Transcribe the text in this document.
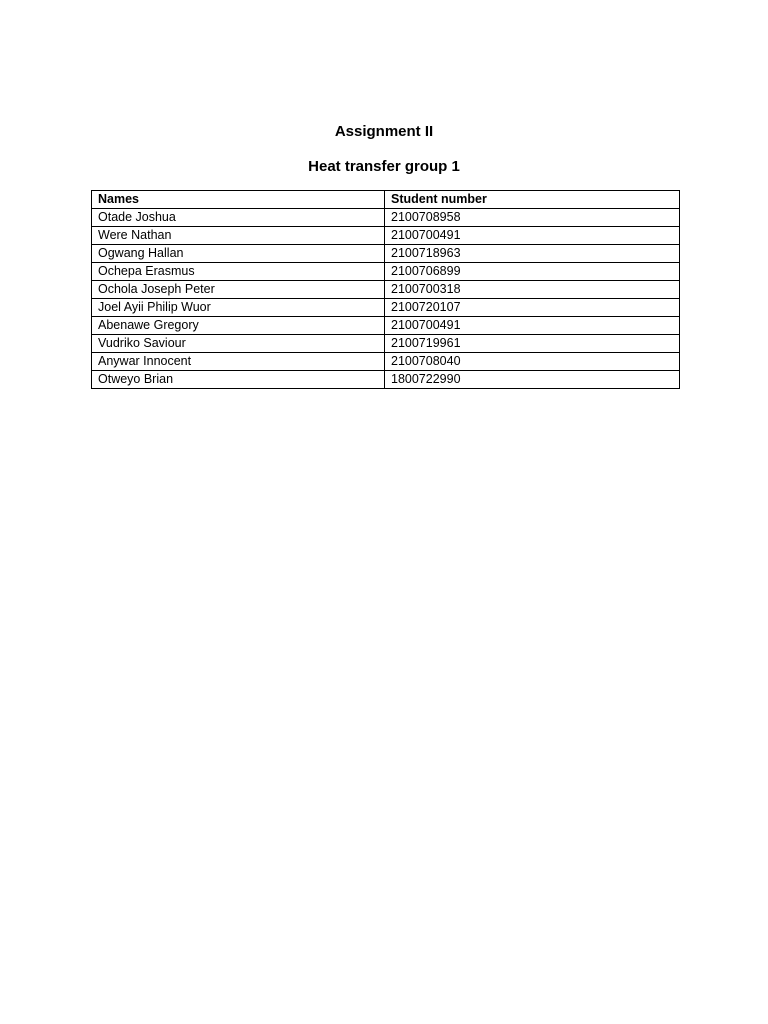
Assignment II
Heat transfer group 1
Names	Student number
Otade Joshua	2100708958
Were Nathan	2100700491
Ogwang Hallan	2100718963
Ochepa Erasmus	2100706899
Ochola Joseph Peter	2100700318
Joel Ayii Philip Wuor	2100720107
Abenawe Gregory	2100700491
Vudriko Saviour	2100719961
Anywar Innocent	2100708040
Otweyo Brian	1800722990
